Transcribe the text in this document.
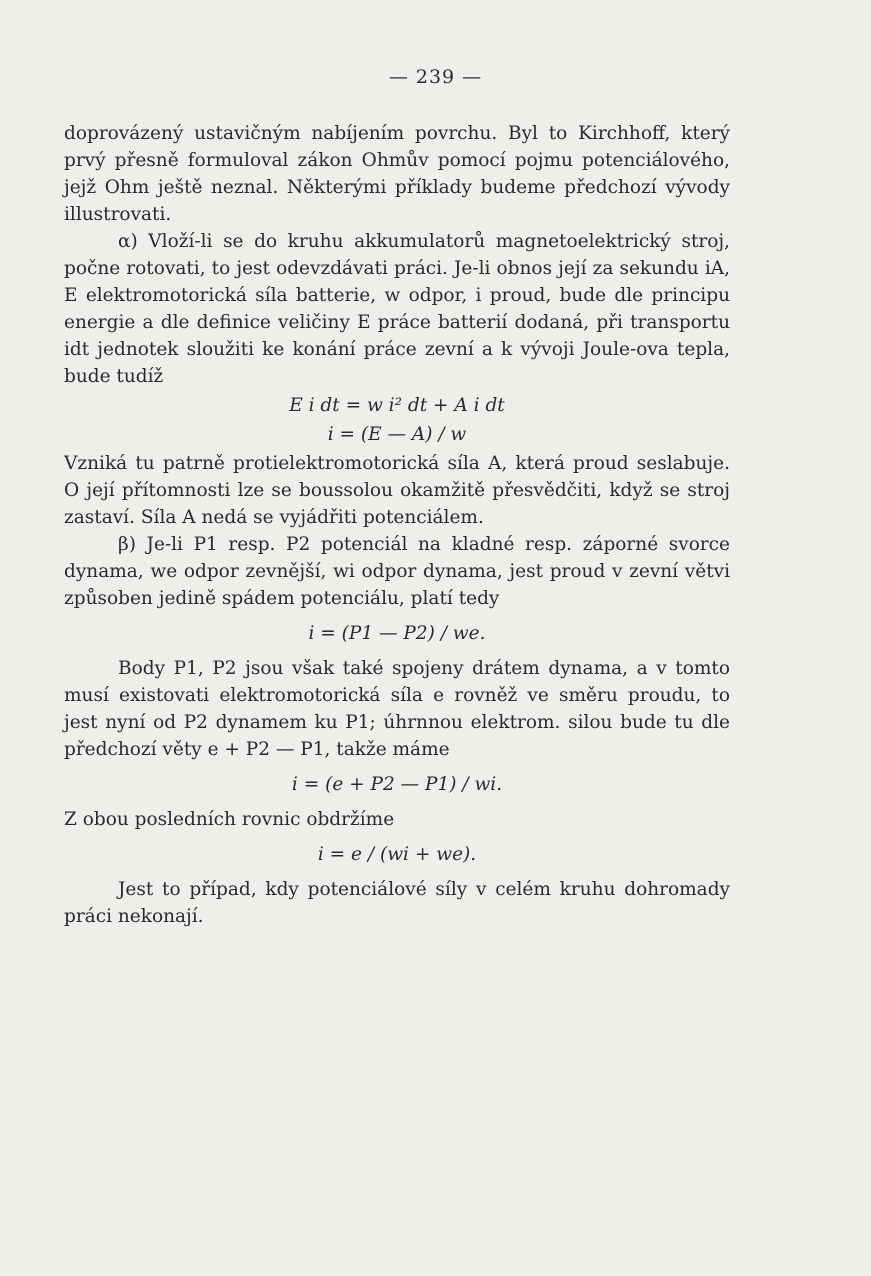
— 239 —

doprovázený ustavičným nabíjením povrchu. Byl to Kirchhoff, který prvý přesně formuloval zákon Ohmův pomocí pojmu potenciálového, jejž Ohm ještě neznal. Některými příklady budeme předchozí vývody illustrovati.

α) Vloží-li se do kruhu akkumulatorů magnetoelektrický stroj, počne rotovati, to jest odevzdávati práci. Je-li obnos její za sekundu iA, E elektromotorická síla batterie, w odpor, i proud, bude dle principu energie a dle definice veličiny E práce batterií dodaná, při transportu idt jednotek sloužiti ke konání práce zevní a k vývoji Joule-ova tepla, bude tudíž

E i dt = w i² dt + A i dt
i = (E — A) / w

Vzniká tu patrně protielektromotorická síla A, která proud seslabuje. O její přítomnosti lze se boussolou okamžitě přesvědčiti, když se stroj zastaví. Síla A nedá se vyjádřiti potenciálem.

β) Je-li P1 resp. P2 potenciál na kladné resp. záporné svorce dynama, we odpor zevnější, wi odpor dynama, jest proud v zevní větvi způsoben jedině spádem potenciálu, platí tedy

i = (P1 — P2) / we.

Body P1, P2 jsou však také spojeny drátem dynama, a v tomto musí existovati elektromotorická síla e rovněž ve směru proudu, to jest nyní od P2 dynamem ku P1; úhrnnou elektrom. silou bude tu dle předchozí věty e + P2 — P1, takže máme

i = (e + P2 — P1) / wi.

Z obou posledních rovnic obdržíme

i = e / (wi + we).

Jest to případ, kdy potenciálové síly v celém kruhu dohromady práci nekonají.
